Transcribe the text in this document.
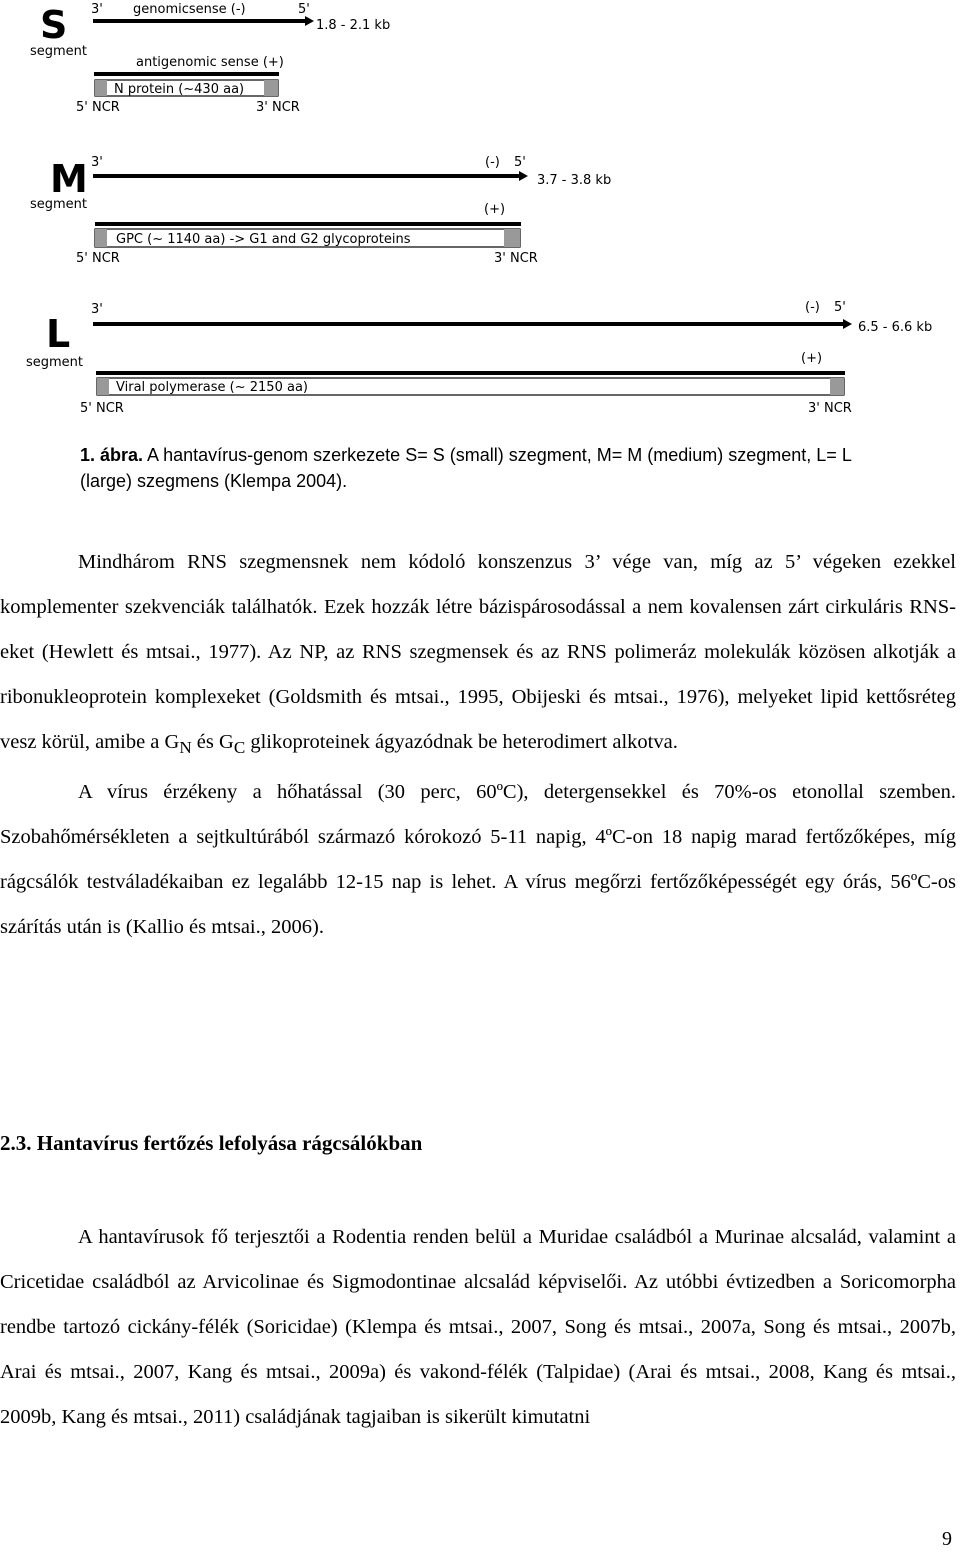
S
segment
3' genomicsense (-)	5'
1.8 - 2.1 kb
antigenomic sense (+)
N protein (~430 aa)
5' NCR	3' NCR
M
segment
3'	(-) 5'
3.7 - 3.8 kb
(+)
GPC (~ 1140 aa) -> G1 and G2 glycoproteins
5' NCR	3' NCR
L
segment
3'	(-) 5'
6.5 - 6.6 kb
(+)
Viral polymerase (~ 2150 aa)
5' NCR	3' NCR
1. ábra. A hantavírus-genom szerkezete S= S (small) szegment, M= M (medium) szegment, L= L (large) szegmens (Klempa 2004).

Mindhárom RNS szegmensnek nem kódoló konszenzus 3’ vége van, míg az 5’ végeken ezekkel komplementer szekvenciák találhatók. Ezek hozzák létre bázispárosodással a nem kovalensen zárt cirkuláris RNS-eket (Hewlett és mtsai., 1977). Az NP, az RNS szegmensek és az RNS polimeráz molekulák közösen alkotják a ribonukleoprotein komplexeket (Goldsmith és mtsai., 1995, Obijeski és mtsai., 1976), melyeket lipid kettősréteg vesz körül, amibe a $G_N$ és $G_C$ glikoproteinek ágyazódnak be heterodimert alkotva.

A vírus érzékeny a hőhatással (30 perc, 60ºC), detergensekkel és 70%-os etonollal szemben. Szobahőmérsékleten a sejtkultúrából származó kórokozó 5-11 napig, 4ºC-on 18 napig marad fertőzőképes, míg rágcsálók testváladékaiban ez legalább 12-15 nap is lehet. A vírus megőrzi fertőzőképességét egy órás, 56ºC-os szárítás után is (Kallio és mtsai., 2006).

2.3. Hantavírus fertőzés lefolyása rágcsálókban

A hantavírusok fő terjesztői a Rodentia renden belül a Muridae családból a Murinae alcsalád, valamint a Cricetidae családból az Arvicolinae és Sigmodontinae alcsalád képviselői. Az utóbbi évtizedben a Soricomorpha rendbe tartozó cickány-félék (Soricidae) (Klempa és mtsai., 2007, Song és mtsai., 2007a, Song és mtsai., 2007b, Arai és mtsai., 2007, Kang és mtsai., 2009a) és vakond-félék (Talpidae) (Arai és mtsai., 2008, Kang és mtsai., 2009b, Kang és mtsai., 2011) családjának tagjaiban is sikerült kimutatni

9
